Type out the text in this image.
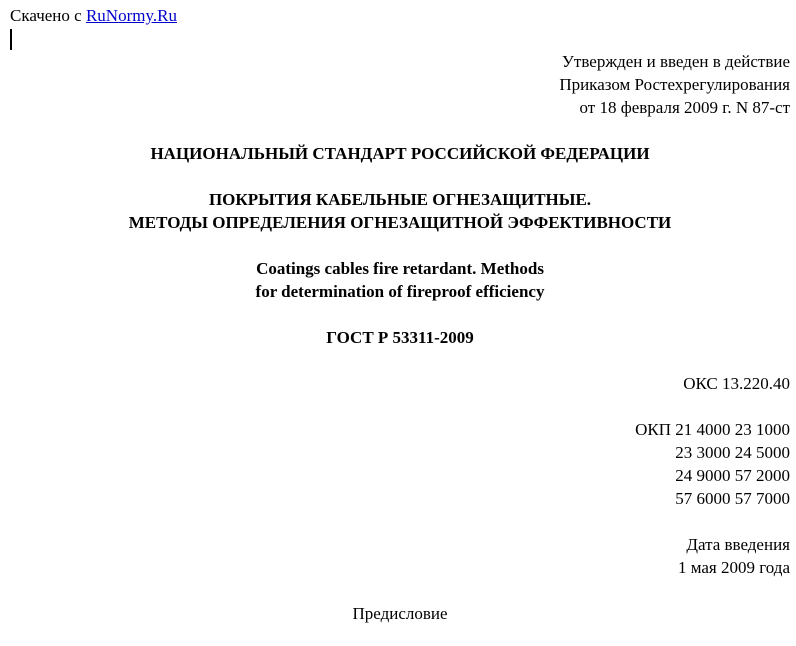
Скачено с RuNormy.Ru
Утвержден и введен в действие
Приказом Ростехрегулирования
от 18 февраля 2009 г. N 87-ст
НАЦИОНАЛЬНЫЙ СТАНДАРТ РОССИЙСКОЙ ФЕДЕРАЦИИ
ПОКРЫТИЯ КАБЕЛЬНЫЕ ОГНЕЗАЩИТНЫЕ.
МЕТОДЫ ОПРЕДЕЛЕНИЯ ОГНЕЗАЩИТНОЙ ЭФФЕКТИВНОСТИ
Coatings cables fire retardant. Methods
for determination of fireproof efficiency
ГОСТ Р 53311-2009
ОКС 13.220.40
ОКП 21 4000 23 1000
23 3000 24 5000
24 9000 57 2000
57 6000 57 7000
Дата введения
1 мая 2009 года
Предисловие
